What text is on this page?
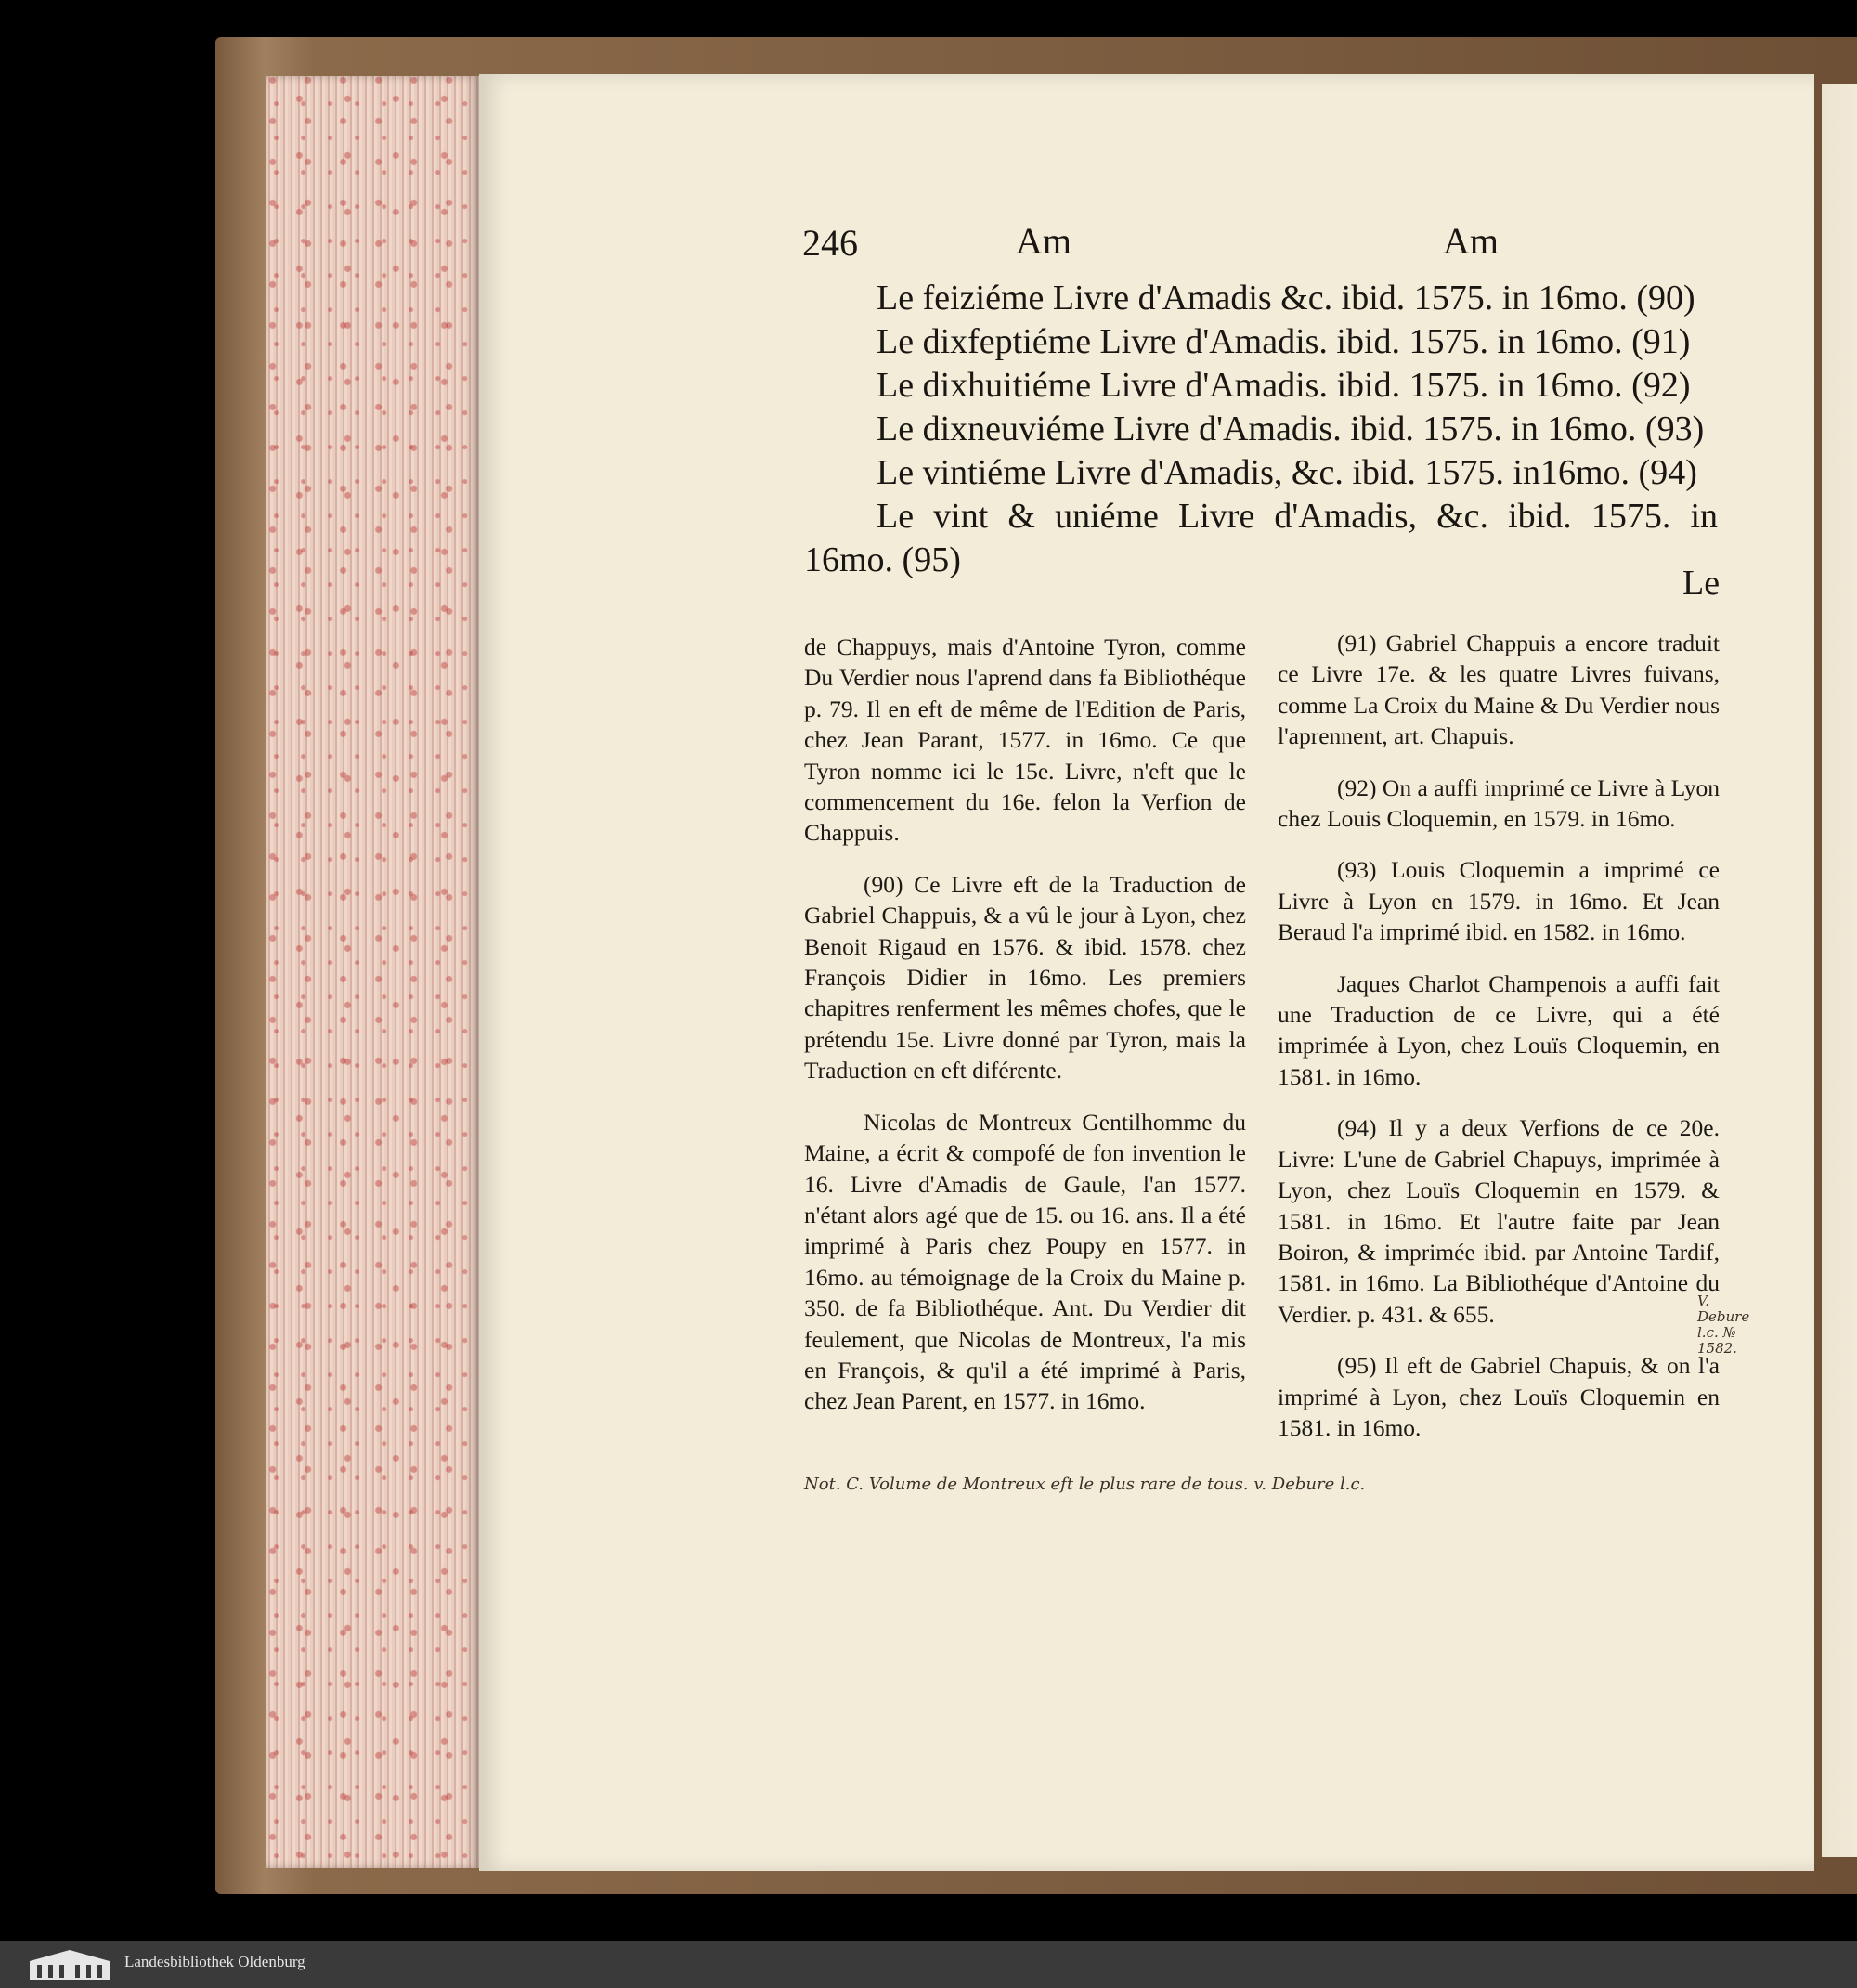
246	Am	Am
Le feiziéme Livre d'Amadis &c. ibid. 1575. in 16mo. (90)
Le dixfeptiéme Livre d'Amadis. ibid. 1575. in 16mo. (91)
Le dixhuitiéme Livre d'Amadis. ibid. 1575. in 16mo. (92)
Le dixneuviéme Livre d'Amadis. ibid. 1575. in 16mo. (93)
Le vintiéme Livre d'Amadis, &c. ibid. 1575. in16mo. (94)
Le vint & uniéme Livre d'Amadis, &c. ibid. 1575. in 16mo. (95)
Le

de Chappuys, mais d'Antoine Tyron, comme Du Verdier nous l'aprend dans fa Bibliothéque p. 79. Il en eft de même de l'Edition de Paris, chez Jean Parant, 1577. in 16mo. Ce que Tyron nomme ici le 15e. Livre, n'eft que le commencement du 16e. felon la Verfion de Chappuis.

(90) Ce Livre eft de la Traduction de Gabriel Chappuis, & a vû le jour à Lyon, chez Benoit Rigaud en 1576. & ibid. 1578. chez François Didier in 16mo. Les premiers chapitres renferment les mêmes chofes, que le prétendu 15e. Livre donné par Tyron, mais la Traduction en eft diférente.

Nicolas de Montreux Gentilhomme du Maine, a écrit & compofé de fon invention le 16. Livre d'Amadis de Gaule, l'an 1577. n'étant alors agé que de 15. ou 16. ans. Il a été imprimé à Paris chez Poupy en 1577. in 16mo. au témoignage de la Croix du Maine p. 350. de fa Bibliothéque. Ant. Du Verdier dit feulement, que Nicolas de Montreux, l'a mis en François, & qu'il a été imprimé à Paris, chez Jean Parent, en 1577. in 16mo.

(91) Gabriel Chappuis a encore traduit ce Livre 17e. & les quatre Livres fuivans, comme La Croix du Maine & Du Verdier nous l'aprennent, art. Chapuis.

(92) On a auffi imprimé ce Livre à Lyon chez Louis Cloquemin, en 1579. in 16mo.

(93) Louis Cloquemin a imprimé ce Livre à Lyon en 1579. in 16mo. Et Jean Beraud l'a imprimé ibid. en 1582. in 16mo.

Jaques Charlot Champenois a auffi fait une Traduction de ce Livre, qui a été imprimée à Lyon, chez Louïs Cloquemin, en 1581. in 16mo.

(94) Il y a deux Verfions de ce 20e. Livre: L'une de Gabriel Chapuys, imprimée à Lyon, chez Louïs Cloquemin en 1579. & 1581. in 16mo. Et l'autre faite par Jean Boiron, & imprimée ibid. par Antoine Tardif, 1581. in 16mo. La Bibliothéque d'Antoine du Verdier. p. 431. & 655.

(95) Il eft de Gabriel Chapuis, & on l'a imprimé à Lyon, chez Louïs Cloquemin en 1581. in 16mo.

Not. C. Volume de Montreux eft le plus rare de tous. v. Debure l.c.
V. Debure l.c. № 1582.
Landesbibliothek Oldenburg
